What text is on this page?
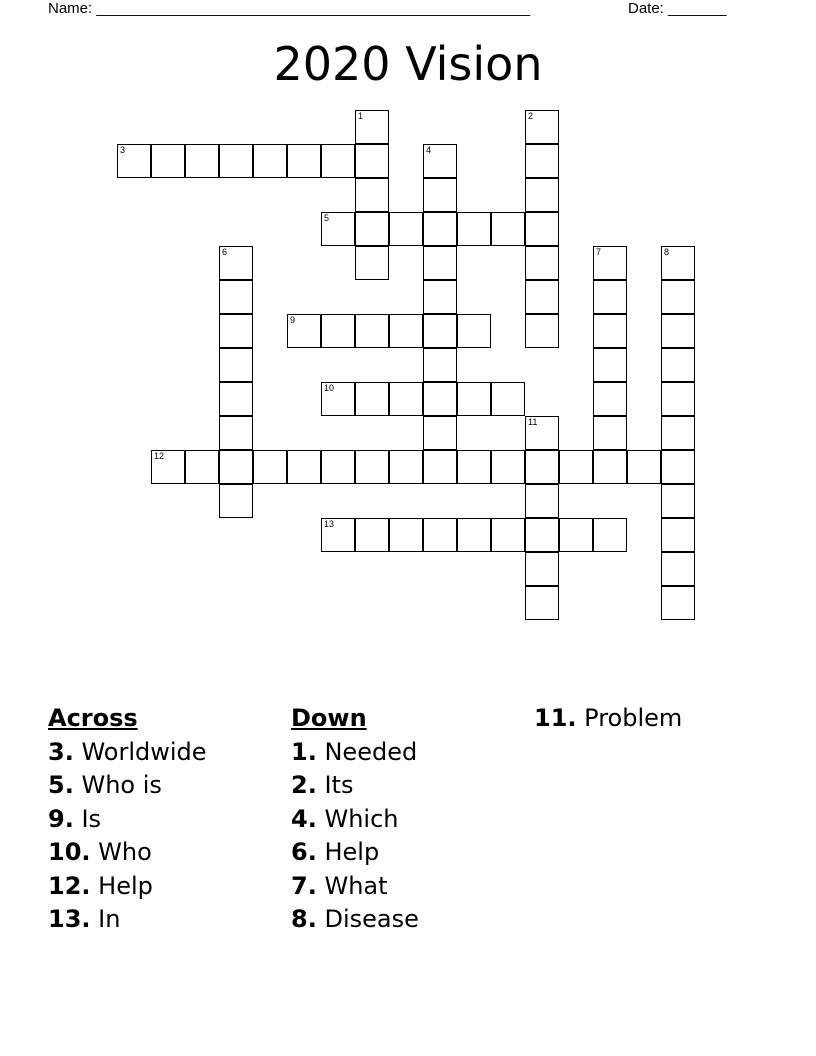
Name: ____________________________________________________	Date: _______
2020 Vision
1	2
3	4
5
6	7	8
9
10
11
12
13
Across
3. Worldwide
5. Who is
9. Is
10. Who
12. Help
13. In
Down
1. Needed
2. Its
4. Which
6. Help
7. What
8. Disease
11. Problem
